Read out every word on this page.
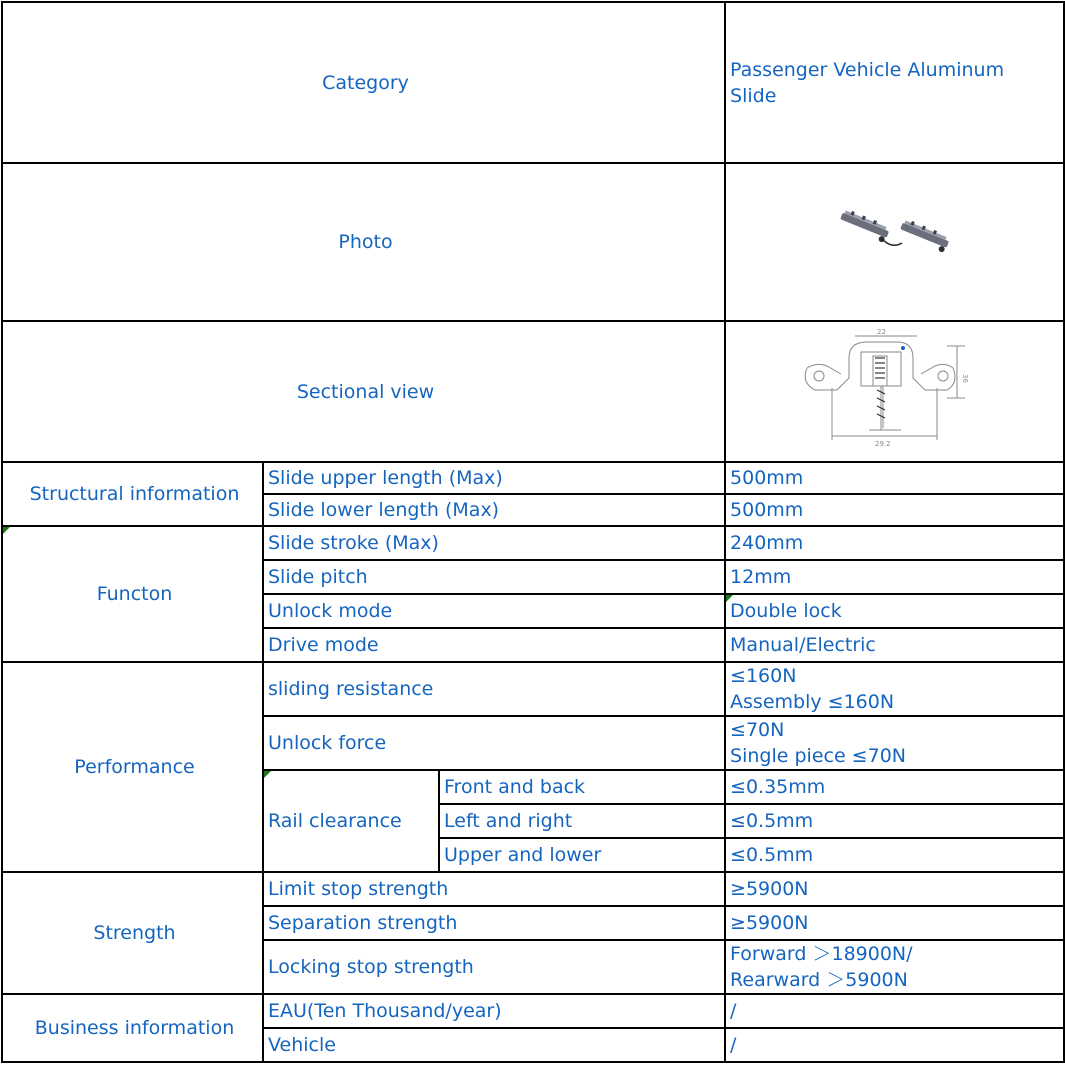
Category			Passenger Vehicle Aluminum
Slide

Photo	
Sectional view			22
36
29.2

Structural information	Slide upper length (Max)		500mm
	Slide lower length (Max)		500mm

Functon	Slide stroke (Max)		240mm
	Slide pitch		12mm
	Unlock mode		Double lock
	Drive mode		Manual/Electric
Performance	sliding resistance		≤160N
Assembly ≤160N

	Unlock force		≤70N
Single piece ≤70N

Rail clearance	Front and back	≤0.35mm
		Left and right	≤0.5mm
		Upper and lower	≤0.5mm
Strength	Limit stop strength		≥5900N
	Separation strength		≥5900N
	Locking stop strength		Forward ＞18900N/
Rearward ＞5900N

Business information	EAU(Ten Thousand/year)		/
	Vehicle		/
